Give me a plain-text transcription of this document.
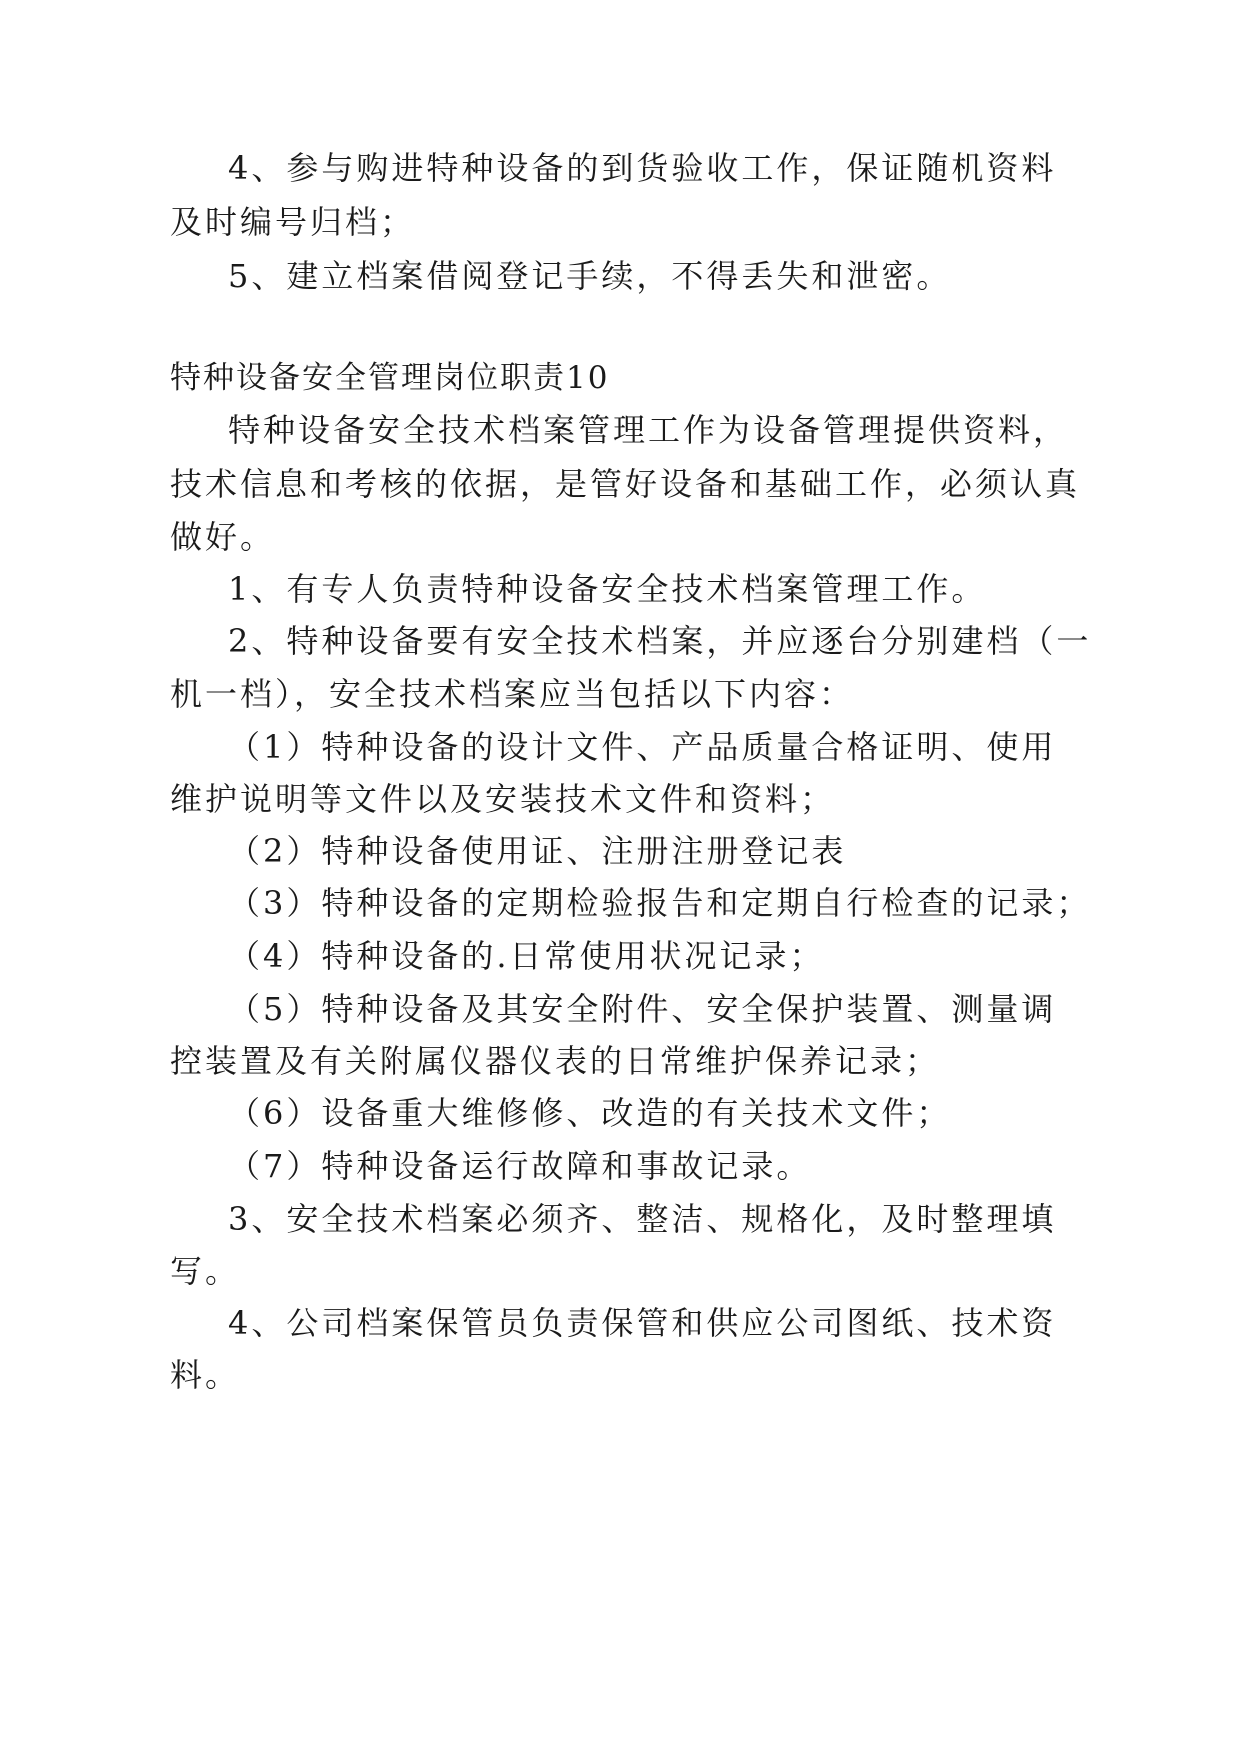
4、参与购进特种设备的到货验收工作，保证随机资料

及时编号归档；

5、建立档案借阅登记手续，不得丢失和泄密。

特种设备安全管理岗位职责10

特种设备安全技术档案管理工作为设备管理提供资料，

技术信息和考核的依据，是管好设备和基础工作，必须认真

做好。

1、有专人负责特种设备安全技术档案管理工作。

2、特种设备要有安全技术档案，并应逐台分别建档（一

机一档），安全技术档案应当包括以下内容：

（1）特种设备的设计文件、产品质量合格证明、使用

维护说明等文件以及安装技术文件和资料；

（2）特种设备使用证、注册注册登记表

（3）特种设备的定期检验报告和定期自行检查的记录；

（4）特种设备的.日常使用状况记录；

（5）特种设备及其安全附件、安全保护装置、测量调

控装置及有关附属仪器仪表的日常维护保养记录；

（6）设备重大维修修、改造的有关技术文件；

（7）特种设备运行故障和事故记录。

3、安全技术档案必须齐、整洁、规格化，及时整理填

写。

4、公司档案保管员负责保管和供应公司图纸、技术资

料。
